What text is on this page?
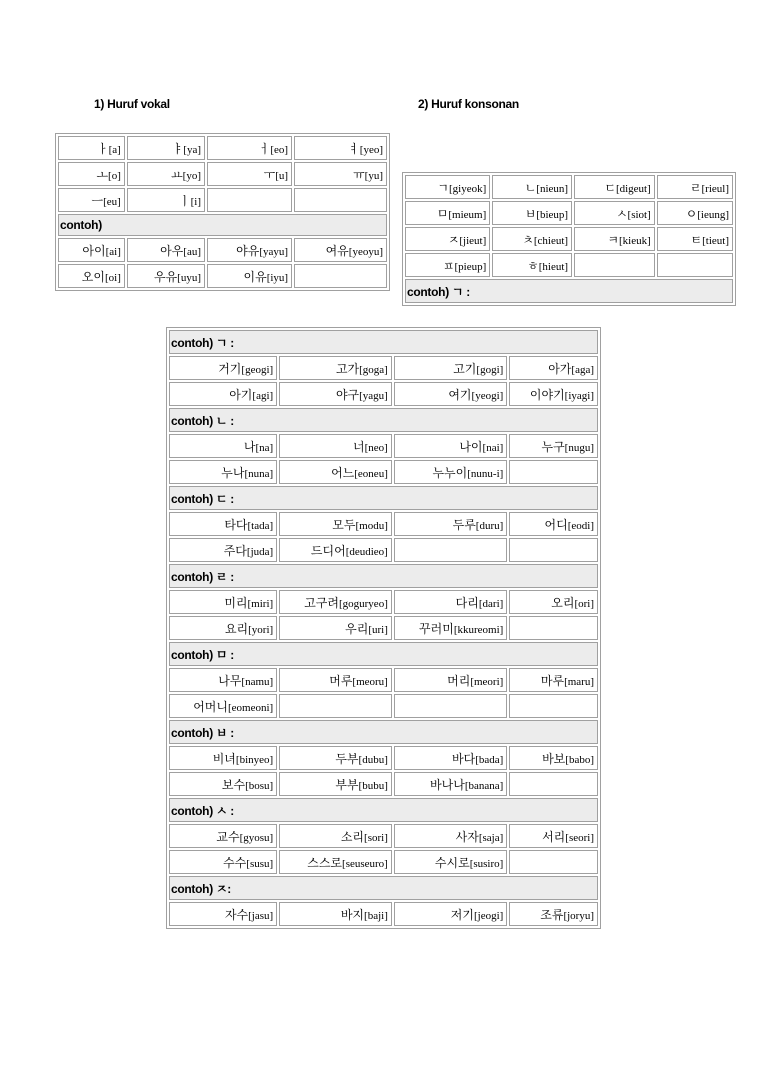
1) Huruf vokal	2) Huruf konsonan
ㅏ[a]	ㅑ[ya]	ㅓ[eo]	ㅕ[yeo]
ㅗ[o]	ㅛ[yo]	ㅜ[u]	ㅠ[yu]
ㅡ[eu]	ㅣ[i]		
contoh)			
아이[ai]	아우[au]	야유[yayu]	여유[yeoyu]
오이[oi]	우유[uyu]	이유[iyu]	
ㄱ[giyeok]	ㄴ[nieun]	ㄷ[digeut]	ㄹ[rieul]
ㅁ[mieum]	ㅂ[bieup]	ㅅ[siot]	ㅇ[ieung]
ㅈ[jieut]	ㅊ[chieut]	ㅋ[kieuk]	ㅌ[tieut]
ㅍ[pieup]	ㅎ[hieut]		
contoh) ㄱ :			
contoh) ㄱ :			
거기[geogi]	고가[goga]	고기[gogi]	아가[aga]
아기[agi]	야구[yagu]	여기[yeogi]	이야기[iyagi]
contoh) ㄴ :			
나[na]	너[neo]	나이[nai]	누구[nugu]
누나[nuna]	어느[eoneu]	누누이[nunu-i]	
contoh) ㄷ :			
타다[tada]	모두[modu]	두루[duru]	어디[eodi]
주다[juda]	드디어[deudieo]		
contoh) ㄹ :			
미리[miri]	고구려[goguryeo]	다리[dari]	오리[ori]
요리[yori]	우리[uri]	꾸러미[kkureomi]	
contoh) ㅁ :			
나무[namu]	머루[meoru]	머리[meori]	마루[maru]
어머니[eomeoni]			
contoh) ㅂ :			
비녀[binyeo]	두부[dubu]	바다[bada]	바보[babo]
보수[bosu]	부부[bubu]	바나나[banana]	
contoh) ㅅ :			
교수[gyosu]	소리[sori]	사자[saja]	서리[seori]
수수[susu]	스스로[seuseuro]	수시로[susiro]	
contoh) ㅈ:			
자수[jasu]	바지[baji]	저기[jeogi]	조류[joryu]
